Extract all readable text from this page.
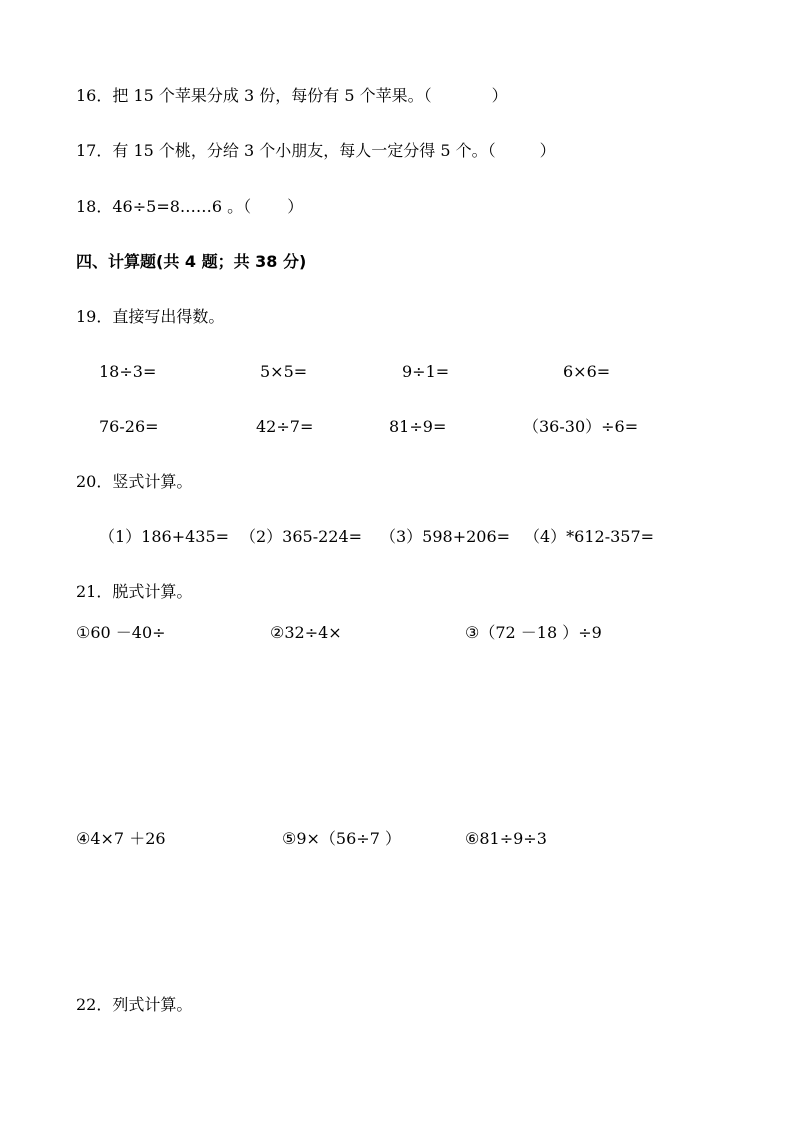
16．把 15 个苹果分成 3 份，每份有 5 个苹果。（	）
17．有 15 个桃，分给 3 个小朋友，每人一定分得 5 个。（	）
18．46÷5=8……6 。（ ）
四、计算题(共 4 题；共 38 分)
19．直接写出得数。
18÷3=	5×5=	9÷1=	6×6=
76-26=	42÷7=	81÷9=	（36-30）÷6=
20．竖式计算。
（1）186+435= （2）365-224= （3）598+206= （4）*612-357=
21．脱式计算。
①60 －40÷	②32÷4×	③（72 －18 ）÷9
④4×7 ＋26	⑤9×（56÷7 ）	⑥81÷9÷3
22．列式计算。
